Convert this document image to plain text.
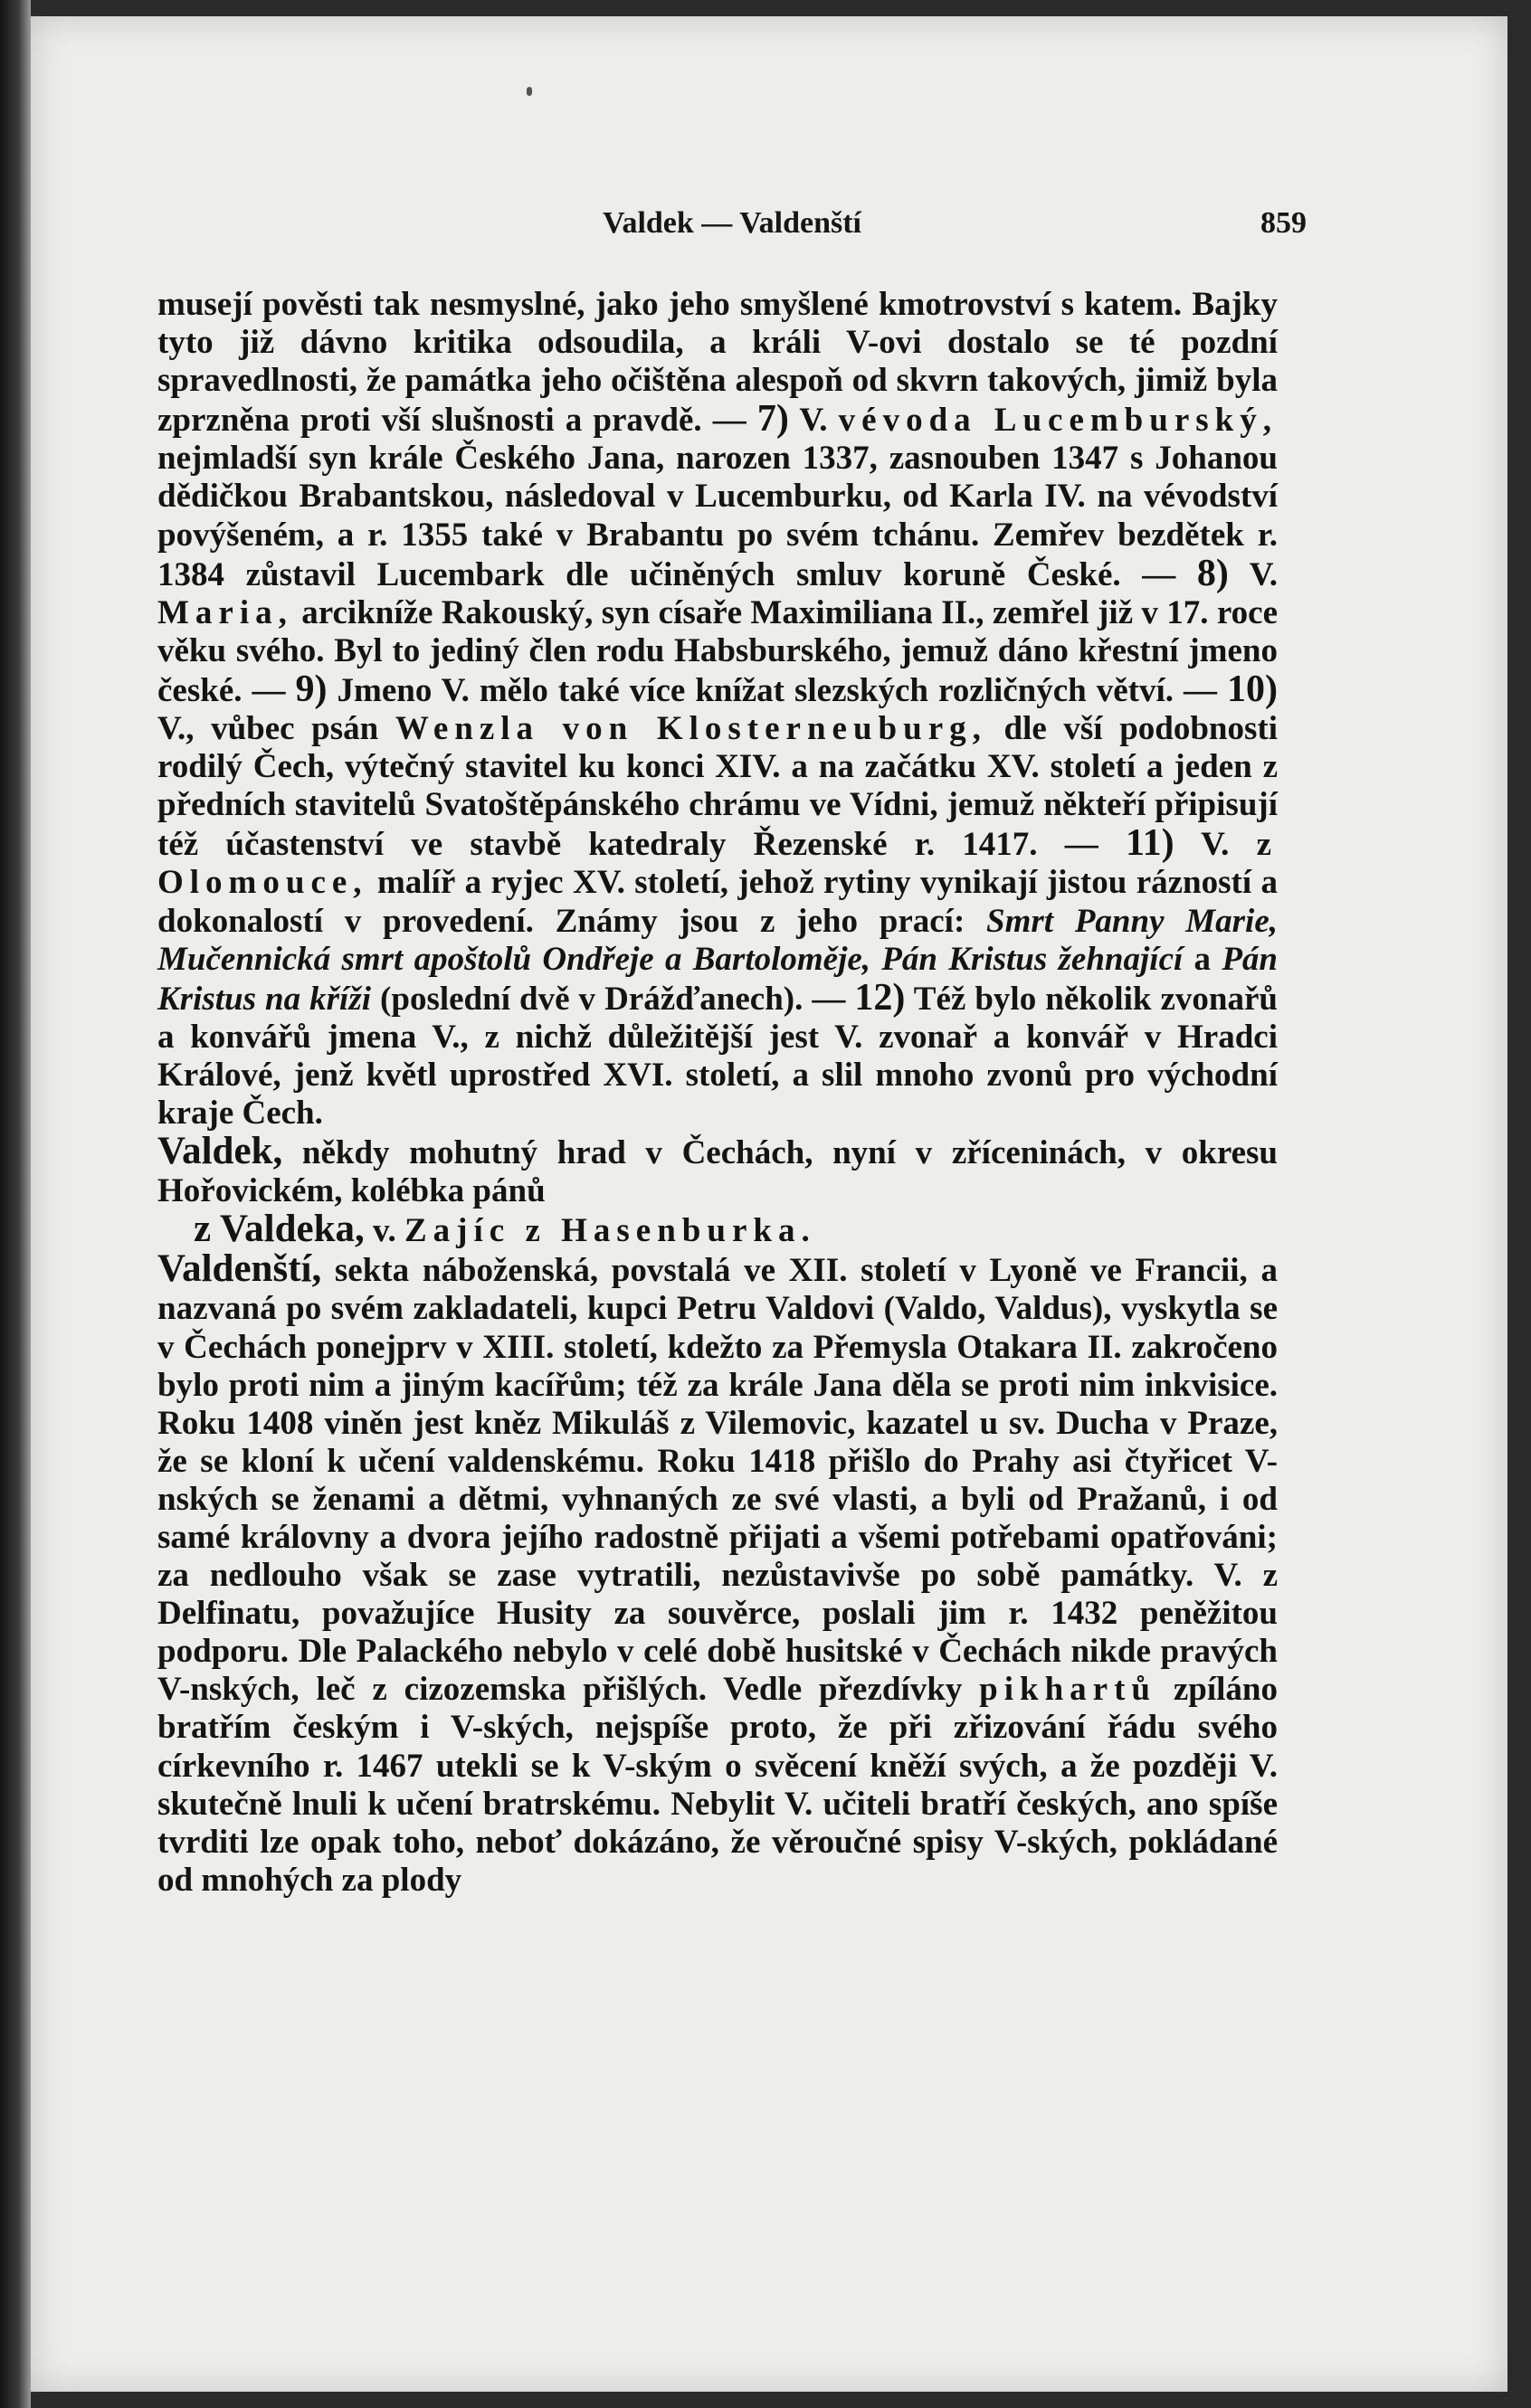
Valdek — Valdenští	859

musejí pověsti tak nesmyslné, jako jeho smyšlené kmotrovství s katem. Bajky tyto již dávno kritika odsoudila, a králi V-ovi dostalo se té pozdní spravedlnosti, že památka jeho očištěna alespoň od skvrn takových, jimiž byla zprzněna proti vší slušnosti a pravdě. — 7) V. vévoda Lucemburský, nejmladší syn krále Českého Jana, narozen 1337, zasnouben 1347 s Johanou dědičkou Brabantskou, následoval v Lucemburku, od Karla IV. na vévodství povýšeném, a r. 1355 také v Brabantu po svém tchánu. Zemřev bezdětek r. 1384 zůstavil Lucembark dle učiněných smluv koruně České. — 8) V. Maria, arcikníže Rakouský, syn císaře Maximiliana II., zemřel již v 17. roce věku svého. Byl to jediný člen rodu Habsburského, jemuž dáno křestní jmeno české. — 9) Jmeno V. mělo také více knížat slezských rozličných větví. — 10) V., vůbec psán Wenzla von Klosterneuburg, dle vší podobnosti rodilý Čech, výtečný stavitel ku konci XIV. a na začátku XV. století a jeden z předních stavitelů Svatoštěpánského chrámu ve Vídni, jemuž někteří připisují též účastenství ve stavbě katedraly Řezenské r. 1417. — 11) V. z Olomouce, malíř a ryjec XV. století, jehož rytiny vynikají jistou rázností a dokonalostí v provedení. Známy jsou z jeho prací: Smrt Panny Marie, Mučennická smrt apoštolů Ondřeje a Bartoloměje, Pán Kristus žehnající a Pán Kristus na kříži (poslední dvě v Drážďanech). — 12) Též bylo několik zvonařů a konvářů jmena V., z nichž důležitější jest V. zvonař a konvář v Hradci Králové, jenž květl uprostřed XVI. století, a slil mnoho zvonů pro východní kraje Čech.

Valdek, někdy mohutný hrad v Čechách, nyní v zříceninách, v okresu Hořovickém, kolébka pánů

z Valdeka, v. Zajíc z Hasenburka.

Valdenští, sekta náboženská, povstalá ve XII. století v Lyoně ve Francii, a nazvaná po svém zakladateli, kupci Petru Valdovi (Valdo, Valdus), vyskytla se v Čechách ponejprv v XIII. století, kdežto za Přemysla Otakara II. zakročeno bylo proti nim a jiným kacířům; též za krále Jana děla se proti nim inkvisice. Roku 1408 viněn jest kněz Mikuláš z Vilemovic, kazatel u sv. Ducha v Praze, že se kloní k učení valdenskému. Roku 1418 přišlo do Prahy asi čtyřicet V-nských se ženami a dětmi, vyhnaných ze své vlasti, a byli od Pražanů, i od samé královny a dvora jejího radostně přijati a všemi potřebami opatřováni; za nedlouho však se zase vytratili, nezůstavivše po sobě památky. V. z Delfinatu, považujíce Husity za souvěrce, poslali jim r. 1432 peněžitou podporu. Dle Palackého nebylo v celé době husitské v Čechách nikde pravých V-nských, leč z cizozemska přišlých. Vedle přezdívky pikhartů zpíláno bratřím českým i V-ských, nejspíše proto, že při zřizování řádu svého církevního r. 1467 utekli se k V-ským o svěcení kněží svých, a že později V. skutečně lnuli k učení bratrskému. Nebylit V. učiteli bratří českých, ano spíše tvrditi lze opak toho, neboť dokázáno, že věroučné spisy V-ských, pokládané od mnohých za plody
